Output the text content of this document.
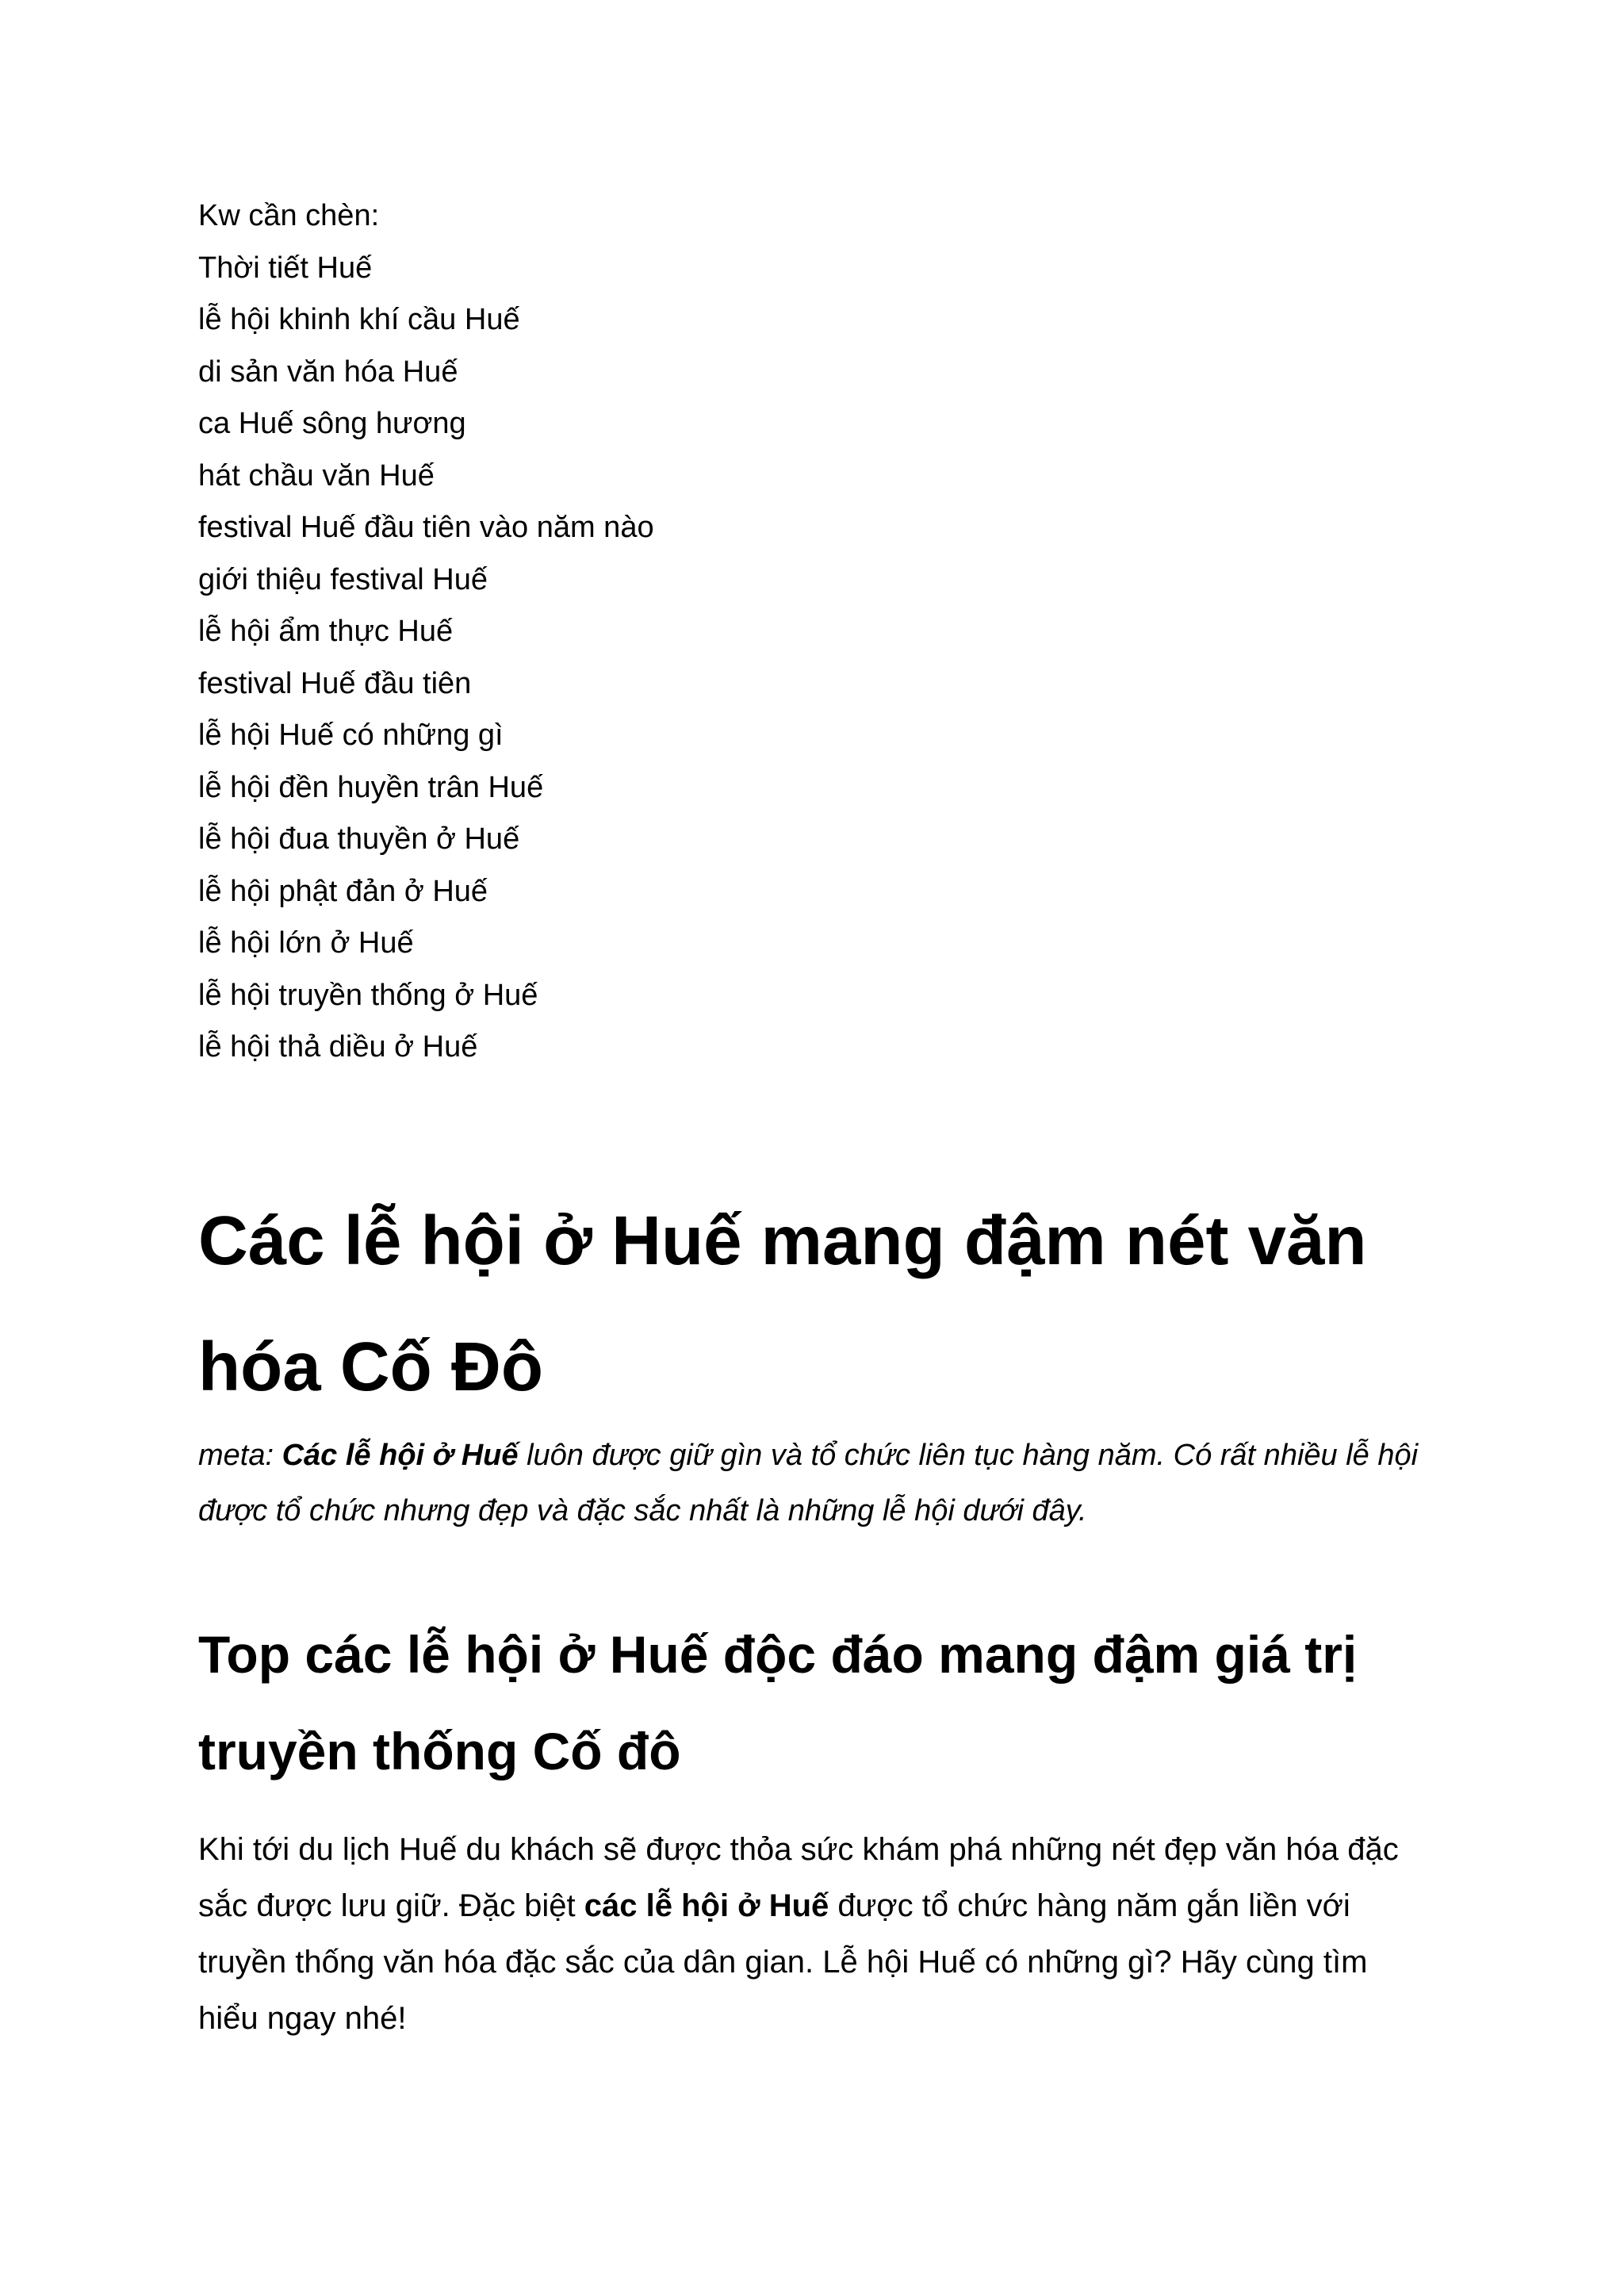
Kw cần chèn:
Thời tiết Huế
lễ hội khinh khí cầu Huế
di sản văn hóa Huế
ca Huế sông hương
hát chầu văn Huế
festival Huế đầu tiên vào năm nào
giới thiệu festival Huế
lễ hội ẩm thực Huế
festival Huế đầu tiên
lễ hội Huế có những gì
lễ hội đền huyền trân Huế
lễ hội đua thuyền ở Huế
lễ hội phật đản ở Huế
lễ hội lớn ở Huế
lễ hội truyền thống ở Huế
lễ hội thả diều ở Huế
Các lễ hội ở Huế mang đậm nét văn hóa Cố Đô

meta: Các lễ hội ở Huế luôn được giữ gìn và tổ chức liên tục hàng năm. Có rất nhiều lễ hội được tổ chức nhưng đẹp và đặc sắc nhất là những lễ hội dưới đây.

Top các lễ hội ở Huế độc đáo mang đậm giá trị truyền thống Cố đô

Khi tới du lịch Huế du khách sẽ được thỏa sức khám phá những nét đẹp văn hóa đặc sắc được lưu giữ. Đặc biệt các lễ hội ở Huế được tổ chức hàng năm gắn liền với truyền thống văn hóa đặc sắc của dân gian. Lễ hội Huế có những gì? Hãy cùng tìm hiểu ngay nhé!
